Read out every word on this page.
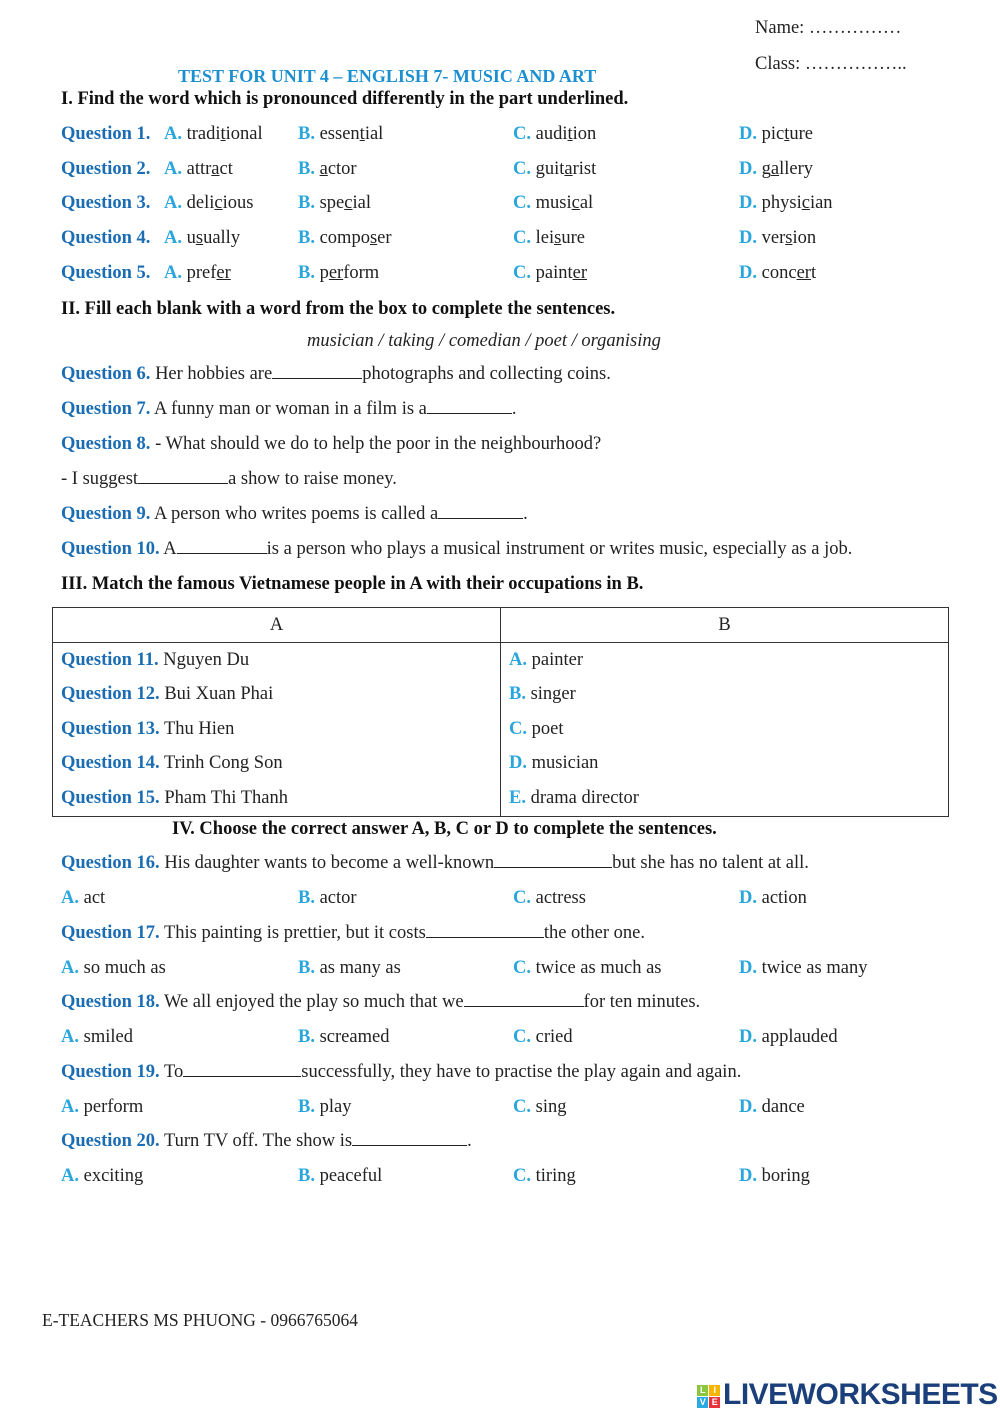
Name: ……………
Class: ……………..
TEST FOR UNIT 4 – ENGLISH 7- MUSIC AND ART
I. Find the word which is pronounced differently in the part underlined.
Question 1. A. traditional B. essential	C. audition	D. picture
Question 2. A. attract	B. actor	C. guitarist	D. gallery
Question 3. A. delicious B. special	C. musical	D. physician
Question 4. A. usually	B. composer	C. leisure	D. version
Question 5. A. prefer	B. perform	C. painter	D. concert
II. Fill each blank with a word from the box to complete the sentences.
musician / taking / comedian / poet / organising
Question 6. Her hobbies are	photographs and collecting coins.
Question 7. A funny man or woman in a film is a	.
Question 8. - What should we do to help the poor in the neighbourhood?
- I suggest	a show to raise money.
Question 9. A person who writes poems is called a	.
Question 10. A	is a person who plays a musical instrument or writes music, especially as a job.
III. Match the famous Vietnamese people in A with their occupations in B.
A	B
Question 11. Nguyen Du	A. painter
Question 12. Bui Xuan Phai	B. singer
Question 13. Thu Hien	C. poet
Question 14. Trinh Cong Son	D. musician
Question 15. Pham Thi Thanh	E. drama director
IV. Choose the correct answer A, B, C or D to complete the sentences.
Question 16. His daughter wants to become a well-known	but she has no talent at all.
A. act	B. actor	C. actress	D. action
Question 17. This painting is prettier, but it costs	the other one.
A. so much as	B. as many as	C. twice as much as	D. twice as many
Question 18. We all enjoyed the play so much that we	for ten minutes.
A. smiled	B. screamed	C. cried	D. applauded
Question 19. To	successfully, they have to practise the play again and again.
A. perform	B. play	C. sing	D. dance
Question 20. Turn TV off. The show is	.
A. exciting	B. peaceful	C. tiring	D. boring
E-TEACHERS MS PHUONG - 0966765064
L I
V E LIVEWORKSHEETS
